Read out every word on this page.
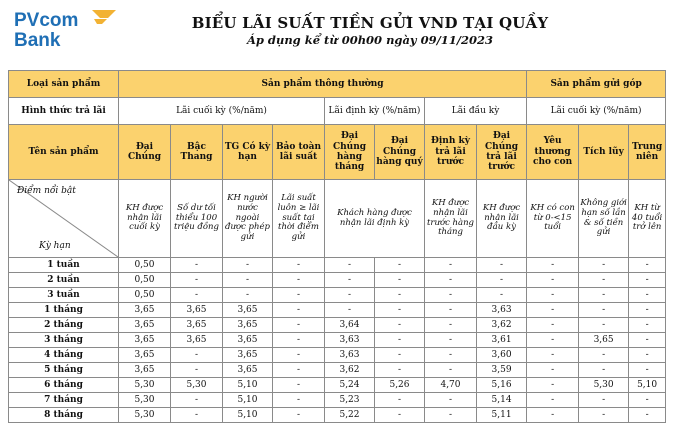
PVcom
Bank
BIỂU LÃI SUẤT TIỀN GỬI VND TẠI QUẦY
Áp dụng kể từ 00h00 ngày 09/11/2023
Loại sản phẩm	Sản phẩm thông thường								Sản phẩm gửi góp		
Hình thức trả lãi	Lãi cuối kỳ (%/năm)				Lãi định kỳ (%/năm)		Lãi đầu kỳ		Lãi cuối kỳ (%/năm)		
Tên sản phẩm	Đại Chúng	Bậc Thang	TG Có kỳ hạn	Bảo toàn lãi suất	Đại Chúng hàng tháng	Đại Chúng hàng quý	Định kỳ trả lãi trước	Đại Chúng trả lãi trước	Yêu thương cho con	Tích lũy	Trung niên

Điểm nổi bật
Kỳ hạn	KH được nhận lãi cuối kỳ	Số dư tối thiểu 100 triệu đồng	KH người nước ngoài được phép gửi	Lãi suất luôn ≥ lãi suất tại thời điểm gửi	Khách hàng được nhận lãi định kỳ		KH được nhận lãi trước hàng tháng	KH được nhận lãi đầu kỳ	KH có con từ 0-<15 tuổi	Không giới hạn số lần & số tiền gửi	KH từ 40 tuổi trở lên
1 tuần	0,50	-	-	-	-	-	-	-	-	-	-
2 tuần	0,50	-	-	-	-	-	-	-	-	-	-
3 tuần	0,50	-	-	-	-	-	-	-	-	-	-
1 tháng	3,65	3,65	3,65	-	-	-	-	3,63	-	-	-
2 tháng	3,65	3,65	3,65	-	3,64	-	-	3,62	-	-	-
3 tháng	3,65	3,65	3,65	-	3,63	-	-	3,61	-	3,65	-
4 tháng	3,65	-	3,65	-	3,63	-	-	3,60	-	-	-
5 tháng	3,65	-	3,65	-	3,62	-	-	3,59	-	-	-
6 tháng	5,30	5,30	5,10	-	5,24	5,26	4,70	5,16	-	5,30	5,10
7 tháng	5,30	-	5,10	-	5,23	-	-	5,14	-	-	-
8 tháng	5,30	-	5,10	-	5,22	-	-	5,11	-	-	-
